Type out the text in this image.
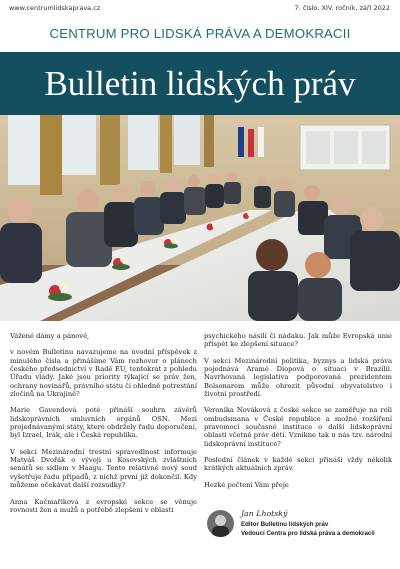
www.centrumlidskaprava.cz	7. číslo, XIV. ročník, září 2022
CENTRUM PRO LIDSKÁ PRÁVA A DEMOKRACII
Bulletin lidských práv

Vážené dámy a pánové,

v novém Bulletinu navazujeme na úvodní příspěvek z minulého čísla a přinášíme Vám rozhovor o plánech českého předsednictví v Radě EU, tentokrát z pohledu Úřadu vlády. Jaké jsou priority týkající se práv žen, ochrany novinářů, právního státu či ohledně potrestání zločinů na Ukrajině?

Marie Gavendová poté přináší souhrn závěrů lidskoprávních smluvních orgánů OSN. Mezi projednávanými státy, které obdržely řadu doporučení, byl Izrael, Irák, ale i Česká republika.

V sekci Mezinárodní trestní spravedlnost informuje Matyáš Dvořák o vývoji u Kosovských zvláštních senátů se sídlem v Haagu. Tento relativně nový soud vyšetřuje řadu případů, z nichž první již dokončil. Kdy můžeme očekávat další rozsudky?

Anna Kačmaříková z evropské sekce se věnuje rovnosti žen a mužů a potřebě zlepšení v oblasti

psychického násilí či nádaku. Jak může Evropská unie přispět ke zlepšení situace?

V sekci Mezinárodní politika, byznys a lidská práva pojednává Aramé Diopová o situaci v Brazílii. Navrhovaná legislativa podporovaná prezidentem Bolsonarem může ohrozit původní obyvatelstvo i životní prostředí.

Veronika Nováková z české sekce se zaměřuje na roli ombudsmana v České republice a možné rozšíření pravomocí současné instituce o další lidskoprávní oblasti včetně práv dětí. Vznikne tak u nás tzv. národní lidskoprávní instituce?

Poslední článek v každé sekci přináší vždy několik krátkých aktuálních zpráv.

Hezké počtení Vám přeje

Jan Lhotský
Editor Bulletinu lidských práv
Vedoucí Centra pro lidská práva a demokracii
